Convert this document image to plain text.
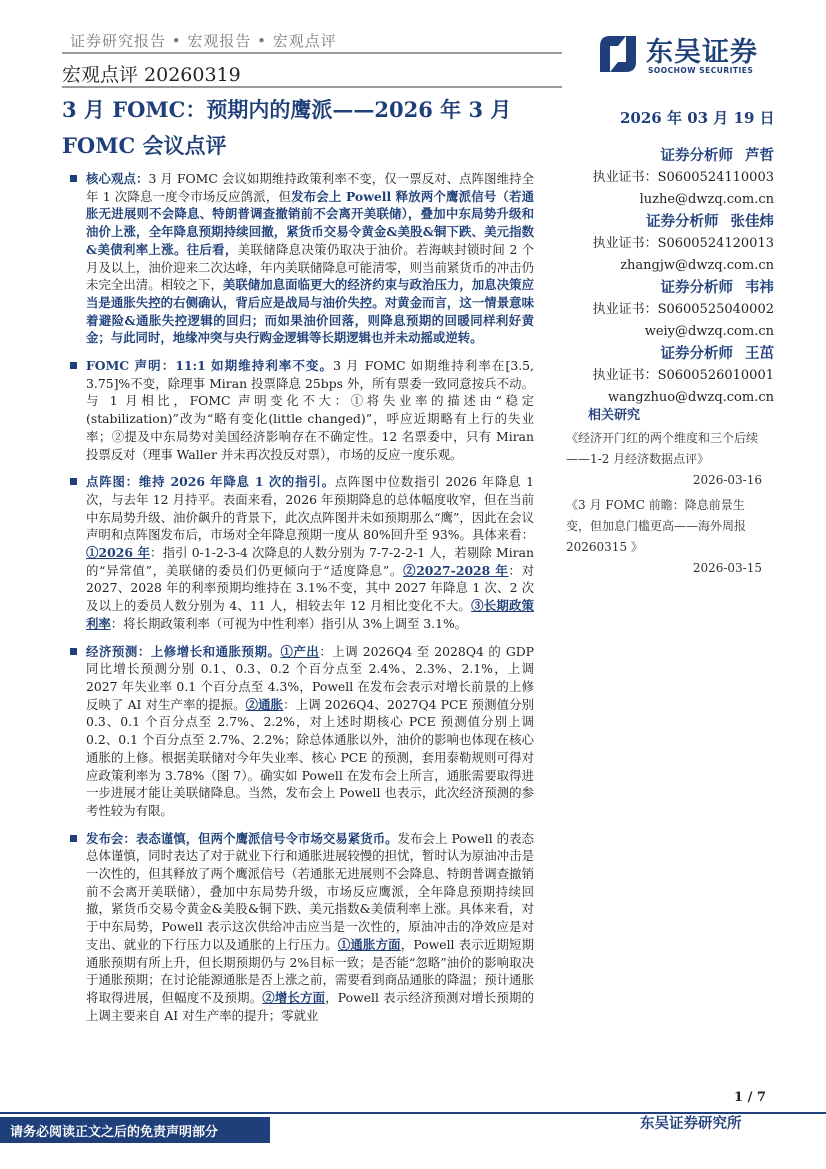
证券研究报告 • 宏观报告 • 宏观点评
宏观点评 20260319
东吴证券
SOOCHOW SECURITIES
3 月 FOMC：预期内的鹰派——2026 年 3 月 FOMC 会议点评
2026 年 03 月 19 日
证券分析师 芦哲
执业证书：S0600524110003
luzhe@dwzq.com.cn
证券分析师 张佳炜
执业证书：S0600524120013
zhangjw@dwzq.com.cn
证券分析师 韦祎
执业证书：S0600525040002
weiy@dwzq.com.cn
证券分析师 王茁
执业证书：S0600526010001
wangzhuo@dwzq.com.cn
相关研究
《经济开门红的两个维度和三个后续——1-2 月经济数据点评》
2026-03-16
《3 月 FOMC 前瞻：降息前景生变，但加息门槛更高——海外周报 20260315 》
2026-03-15
核心观点：3 月 FOMC 会议如期维持政策利率不变，仅一票反对、点阵图维持全年 1 次降息一度令市场反应鸽派，但发布会上 Powell 释放两个鹰派信号（若通胀无进展则不会降息、特朗普调查撤销前不会离开美联储），叠加中东局势升级和油价上涨，全年降息预期持续回撤，紧货币交易令黄金&美股&铜下跌、美元指数&美债利率上涨。往后看，美联储降息决策仍取决于油价。若海峡封锁时间 2 个月及以上，油价迎来二次达峰，年内美联储降息可能清零，则当前紧货币的冲击仍未完全出清。相较之下，美联储加息面临更大的经济约束与政治压力，加息决策应当是通胀失控的右侧确认，背后应是战局与油价失控。对黄金而言，这一情景意味着避险&通胀失控逻辑的回归；而如果油价回落，则降息预期的回暖同样利好黄金；与此同时，地缘冲突与央行购金逻辑等长期逻辑也并未动摇或逆转。
FOMC 声明：11:1 如期维持利率不变。3 月 FOMC 如期维持利率在[3.5, 3.75]%不变，除理事 Miran 投票降息 25bps 外，所有票委一致同意按兵不动。与 1 月相比，FOMC 声明变化不大：①将失业率的描述由“稳定(stabilization)”改为“略有变化(little changed)”，呼应近期略有上行的失业率；②提及中东局势对美国经济影响存在不确定性。12 名票委中，只有 Miran 投票反对（理事 Waller 并未再次投反对票），市场的反应一度乐观。
点阵图：维持 2026 年降息 1 次的指引。点阵图中位数指引 2026 年降息 1 次，与去年 12 月持平。表面来看，2026 年预期降息的总体幅度收窄，但在当前中东局势升级、油价飙升的背景下，此次点阵图并未如预期那么“鹰”，因此在会议声明和点阵图发布后，市场对全年降息预期一度从 80%回升至 93%。具体来看：①2026 年：指引 0-1-2-3-4 次降息的人数分别为 7-7-2-2-1 人，若剔除 Miran 的“异常值”，美联储的委员们仍更倾向于“适度降息”。②2027-2028 年：对 2027、2028 年的利率预期均维持在 3.1%不变，其中 2027 年降息 1 次、2 次及以上的委员人数分别为 4、11 人，相较去年 12 月相比变化不大。③长期政策利率：将长期政策利率（可视为中性利率）指引从 3%上调至 3.1%。
经济预测：上修增长和通胀预期。①产出：上调 2026Q4 至 2028Q4 的 GDP 同比增长预测分别 0.1、0.3、0.2 个百分点至 2.4%、2.3%、2.1%，上调 2027 年失业率 0.1 个百分点至 4.3%，Powell 在发布会表示对增长前景的上修反映了 AI 对生产率的提振。②通胀：上调 2026Q4、2027Q4 PCE 预测值分别 0.3、0.1 个百分点至 2.7%、2.2%，对上述时期核心 PCE 预测值分别上调 0.2、0.1 个百分点至 2.7%、2.2%；除总体通胀以外，油价的影响也体现在核心通胀的上修。根据美联储对今年失业率、核心 PCE 的预测，套用泰勒规则可得对应政策利率为 3.78%（图 7）。确实如 Powell 在发布会上所言，通胀需要取得进一步进展才能让美联储降息。当然，发布会上 Powell 也表示，此次经济预测的参考性较为有限。
发布会：表态谨慎，但两个鹰派信号令市场交易紧货币。发布会上 Powell 的表态总体谨慎，同时表达了对于就业下行和通胀进展较慢的担忧，暂时认为原油冲击是一次性的，但其释放了两个鹰派信号（若通胀无进展则不会降息、特朗普调查撤销前不会离开美联储），叠加中东局势升级，市场反应鹰派，全年降息预期持续回撤，紧货币交易令黄金&美股&铜下跌、美元指数&美债利率上涨。具体来看，对于中东局势，Powell 表示这次供给冲击应当是一次性的，原油冲击的净效应是对支出、就业的下行压力以及通胀的上行压力。①通胀方面，Powell 表示近期短期通胀预期有所上升，但长期预期仍与 2%目标一致；是否能“忽略”油价的影响取决于通胀预期；在讨论能源通胀是否上涨之前，需要看到商品通胀的降温；预计通胀将取得进展，但幅度不及预期。②增长方面，Powell 表示经济预测对增长预期的上调主要来自 AI 对生产率的提升；零就业
1 / 7
请务必阅读正文之后的免责声明部分
东吴证券研究所
